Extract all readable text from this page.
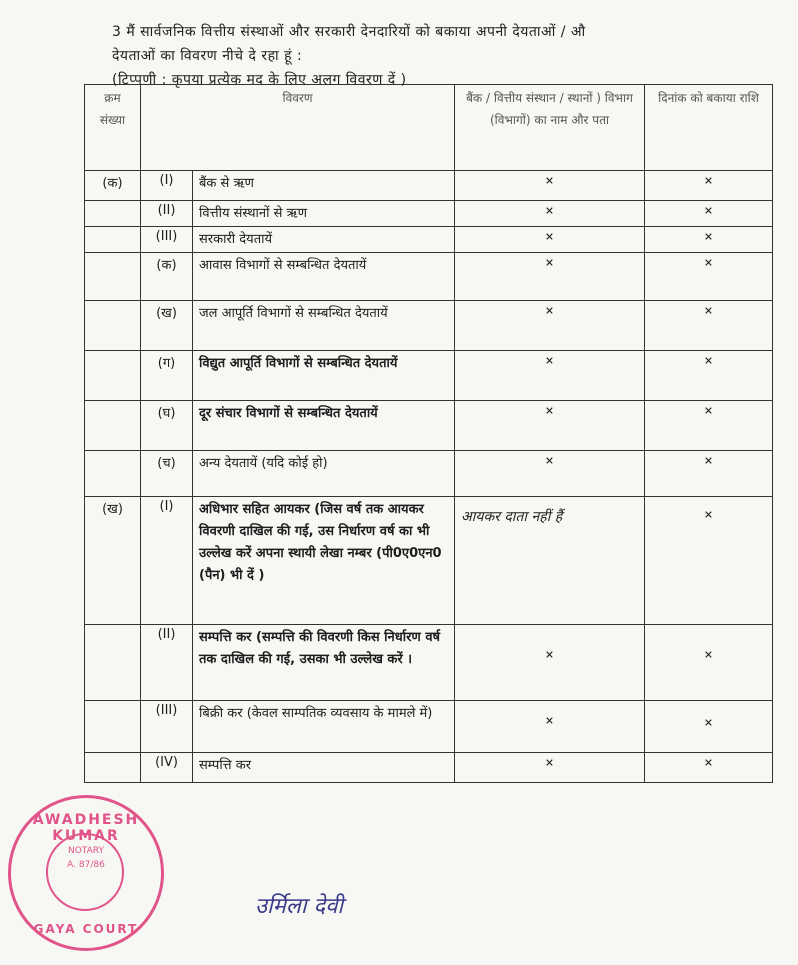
3 मैं सार्वजनिक वित्तीय संस्थाओं और सरकारी देनदारियों को बकाया अपनी देयताओं / औ
देयताओं का विवरण नीचे दे रहा हूं :
(टिप्पणी : कृपया प्रत्येक मद के लिए अलग विवरण दें )
क्रम संख्या	विवरण		बैंक / वित्तीय संस्थान / स्थानों ) विभाग (विभागों) का नाम और पता	दिनांक को बकाया राशि
(क)	(I)	बैंक से ऋण	×	×
	(II)	वित्तीय संस्थानों से ऋण	×	×
	(III)	सरकारी देयतायें	×	×
	(क)	आवास विभागों से सम्बन्धित देयतायें	×	×
	(ख)	जल आपूर्ति विभागों से सम्बन्धित देयतायें	×	×
	(ग)	विद्युत आपूर्ति विभागों से सम्बन्धित देयतायें	×	×
	(घ)	दूर संचार विभागों से सम्बन्धित देयतायें	×	×
	(च)	अन्य देयतायें (यदि कोई हो)	×	×
(ख)	(I)	अधिभार सहित आयकर (जिस वर्ष तक आयकर विवरणी दाखिल की गई, उस निर्धारण वर्ष का भी उल्लेख करें अपना स्थायी लेखा नम्बर (पी0ए0एन0 (पैन) भी दें )	आयकर दाता नहीं हैं	×
	(II)	सम्पत्ति कर (सम्पत्ति की विवरणी किस निर्धारण वर्ष तक दाखिल की गई, उसका भी उल्लेख करें ।	×	×
	(III)	बिक्री कर (केवल साम्पतिक व्यवसाय के मामले में)	×	×
	(IV)	सम्पत्ति कर	×	×
AWADHESH KUMAR
NOTARY
A. 87/86
GAYA COURT
उर्मिला देवी
